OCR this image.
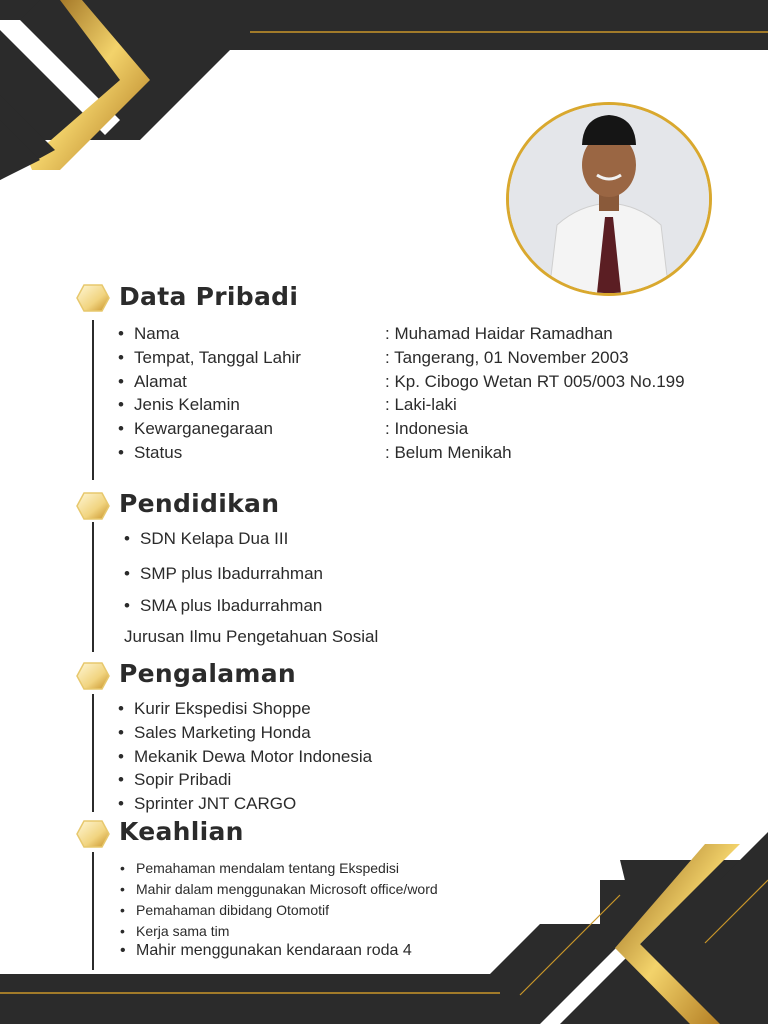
Data Pribadi
• Nama	: Muhamad Haidar Ramadhan
• Tempat, Tanggal Lahir	: Tangerang, 01 November 2003
• Alamat	: Kp. Cibogo Wetan RT 005/003 No.199
• Jenis Kelamin	: Laki-laki
• Kewarganegaraan	: Indonesia
• Status	: Belum Menikah
Pendidikan
• SDN Kelapa Dua III
• SMP plus Ibadurrahman
• SMA plus Ibadurrahman
Jurusan Ilmu Pengetahuan Sosial
Pengalaman
• Kurir Ekspedisi Shoppe
• Sales Marketing Honda
• Mekanik Dewa Motor Indonesia
• Sopir Pribadi
• Sprinter JNT CARGO
Keahlian
• Pemahaman mendalam tentang Ekspedisi
• Mahir dalam menggunakan Microsoft office/word
• Pemahaman dibidang Otomotif
• Kerja sama tim
• Mahir menggunakan kendaraan roda 4
